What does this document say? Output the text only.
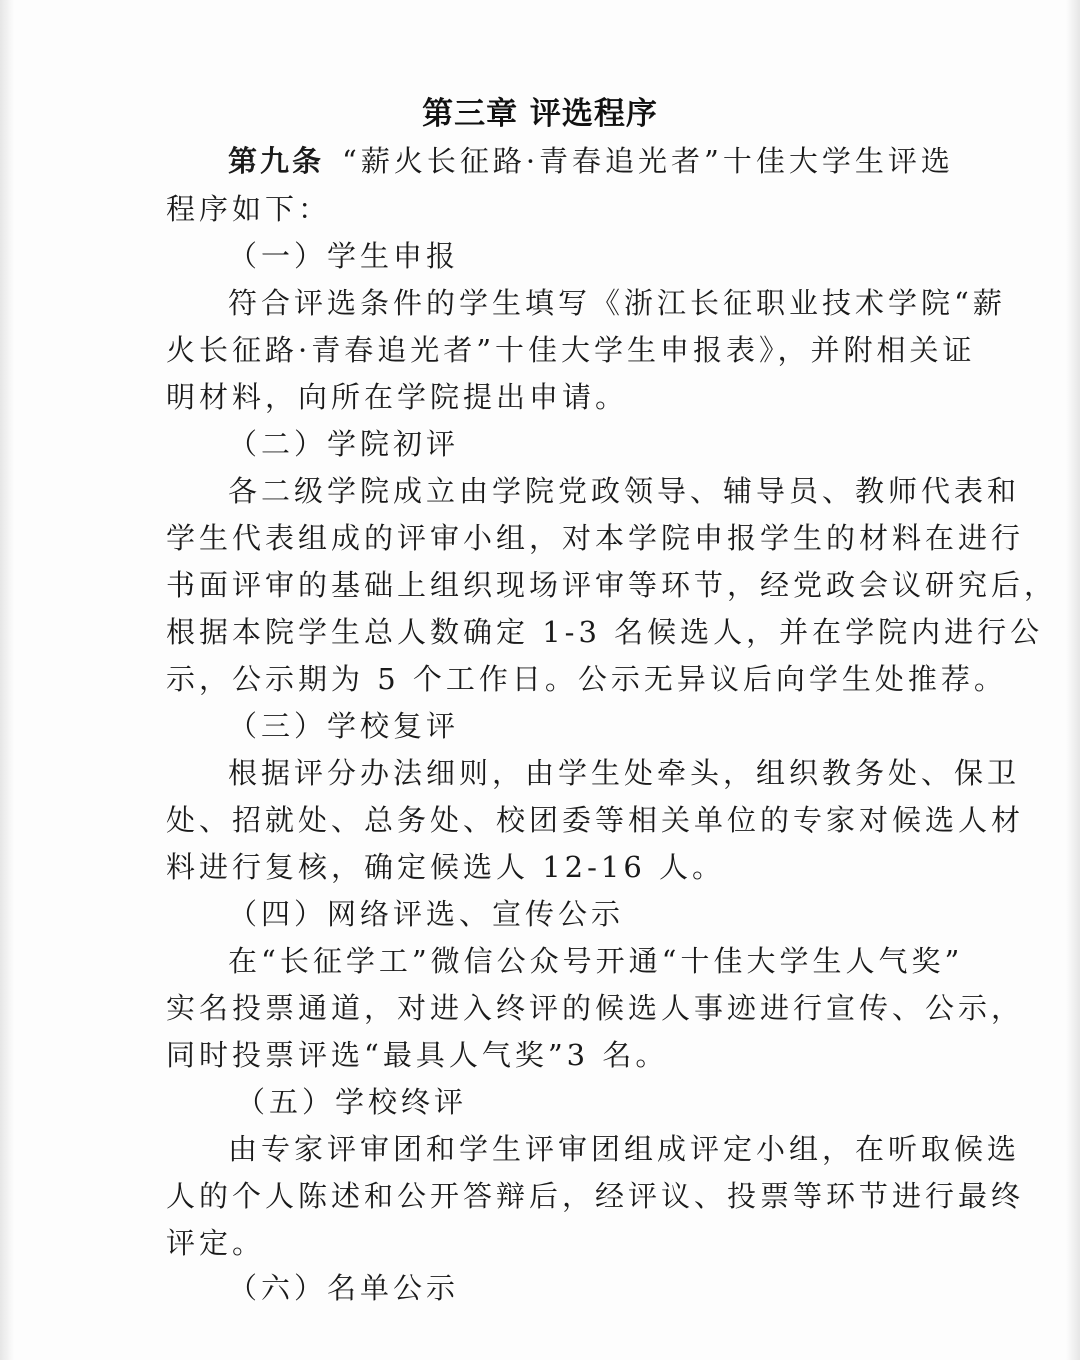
第三章 评选程序
第九条 “薪火长征路·青春追光者”十佳大学生评选
程序如下：
（一）学生申报
符合评选条件的学生填写《浙江长征职业技术学院“薪
火长征路·青春追光者”十佳大学生申报表》，并附相关证
明材料，向所在学院提出申请。
（二）学院初评
各二级学院成立由学院党政领导、辅导员、教师代表和
学生代表组成的评审小组，对本学院申报学生的材料在进行
书面评审的基础上组织现场评审等环节，经党政会议研究后，
根据本院学生总人数确定 1-3 名候选人，并在学院内进行公
示，公示期为 5 个工作日。公示无异议后向学生处推荐。
（三）学校复评
根据评分办法细则，由学生处牵头，组织教务处、保卫
处、招就处、总务处、校团委等相关单位的专家对候选人材
料进行复核，确定候选人 12-16 人。
（四）网络评选、宣传公示
在“长征学工”微信公众号开通“十佳大学生人气奖”
实名投票通道，对进入终评的候选人事迹进行宣传、公示，
同时投票评选“最具人气奖”3 名。
（五）学校终评
由专家评审团和学生评审团组成评定小组，在听取候选
人的个人陈述和公开答辩后，经评议、投票等环节进行最终
评定。
（六）名单公示
